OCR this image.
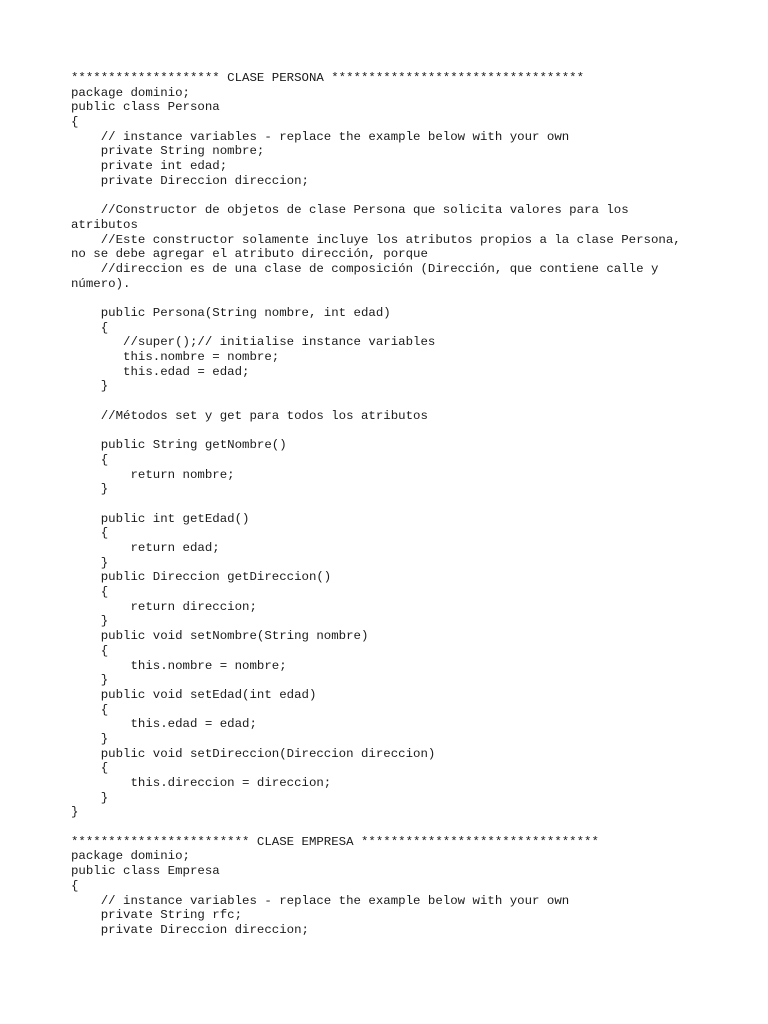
******************** CLASE PERSONA **********************************
package dominio;
public class Persona
{
// instance variables - replace the example below with your own
private String nombre;
private int edad;
private Direccion direccion;
//Constructor de objetos de clase Persona que solicita valores para los
atributos
//Este constructor solamente incluye los atributos propios a la clase Persona,
no se debe agregar el atributo dirección, porque
//direccion es de una clase de composición (Dirección, que contiene calle y
número).
public Persona(String nombre, int edad)
{
//super();// initialise instance variables
this.nombre = nombre;
this.edad = edad;
}
//Métodos set y get para todos los atributos
public String getNombre()
{
return nombre;
}
public int getEdad()
{
return edad;
}
public Direccion getDireccion()
{
return direccion;
}
public void setNombre(String nombre)
{
this.nombre = nombre;
}
public void setEdad(int edad)
{
this.edad = edad;
}
public void setDireccion(Direccion direccion)
{
this.direccion = direccion;
}
}
************************ CLASE EMPRESA ********************************
package dominio;
public class Empresa
{
// instance variables - replace the example below with your own
private String rfc;
private Direccion direccion;
